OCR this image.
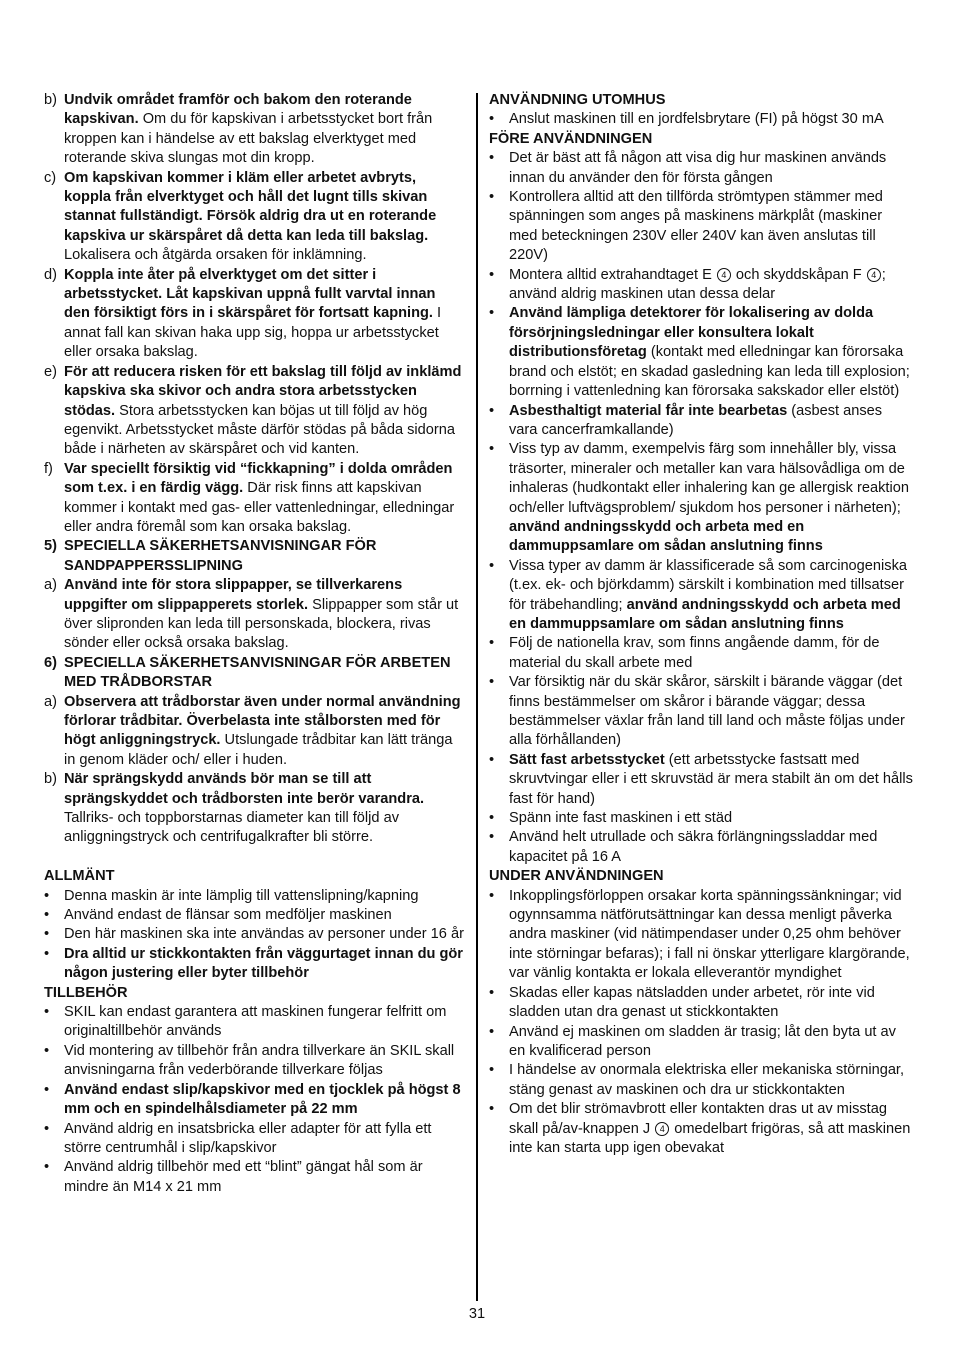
b) Undvik området framför och bakom den roterande kapskivan. Om du för kapskivan i arbetsstycket bort från kroppen kan i händelse av ett bakslag elverktyget med roterande skiva slungas mot din kropp.
c) Om kapskivan kommer i kläm eller arbetet avbryts, koppla från elverktyget och håll det lugnt tills skivan stannat fullständigt. Försök aldrig dra ut en roterande kapskiva ur skärspåret då detta kan leda till bakslag. Lokalisera och åtgärda orsaken för inklämning.
d) Koppla inte åter på elverktyget om det sitter i arbetsstycket. Låt kapskivan uppnå fullt varvtal innan den försiktigt förs in i skärspåret för fortsatt kapning. I annat fall kan skivan haka upp sig, hoppa ur arbetsstycket eller orsaka bakslag.
e) För att reducera risken för ett bakslag till följd av inklämd kapskiva ska skivor och andra stora arbetsstycken stödas. Stora arbetsstycken kan böjas ut till följd av hög egenvikt. Arbetsstycket måste därför stödas på båda sidorna både i närheten av skärspåret och vid kanten.
f) Var speciellt försiktig vid “fickkapning” i dolda områden som t.ex. i en färdig vägg. Där risk finns att kapskivan kommer i kontakt med gas- eller vattenledningar, elledningar eller andra föremål som kan orsaka bakslag.
5) SPECIELLA SÄKERHETSANVISNINGAR FÖR SANDPAPPERSSLIPNING
a) Använd inte för stora slippapper, se tillverkarens uppgifter om slippapperets storlek. Slippapper som står ut över slipronden kan leda till personskada, blockera, rivas sönder eller också orsaka bakslag.
6) SPECIELLA SÄKERHETSANVISNINGAR FÖR ARBETEN MED TRÅDBORSTAR
a) Observera att trådborstar även under normal användning förlorar trådbitar. Överbelasta inte stålborsten med för högt anliggningstryck. Utslungade trådbitar kan lätt tränga in genom kläder och/ eller i huden.
b) När sprängskydd används bör man se till att sprängskyddet och trådborsten inte berör varandra. Tallriks- och toppborstarnas diameter kan till följd av anliggningstryck och centrifugalkrafter bli större.
ALLMÄNT
•	Denna maskin är inte lämplig till vattenslipning/kapning
•	Använd endast de flänsar som medföljer maskinen
•	Den här maskinen ska inte användas av personer under 16 år
•	Dra alltid ur stickkontakten från väggurtaget innan du gör någon justering eller byter tillbehör
TILLBEHÖR
•	SKIL kan endast garantera att maskinen fungerar felfritt om originaltillbehör används
•	Vid montering av tillbehör från andra tillverkare än SKIL skall anvisningarna från vederbörande tillverkare följas
•	Använd endast slip/kapskivor med en tjocklek på högst 8 mm och en spindelhålsdiameter på 22 mm
•	Använd aldrig en insatsbricka eller adapter för att fylla ett större centrumhål i slip/kapskivor
•	Använd aldrig tillbehör med ett “blint” gängat hål som är mindre än M14 x 21 mm
ANVÄNDNING UTOMHUS
•	Anslut maskinen till en jordfelsbrytare (FI) på högst 30 mA
FÖRE ANVÄNDNINGEN
•	Det är bäst att få någon att visa dig hur maskinen används innan du använder den för första gången
•	Kontrollera alltid att den tillförda strömtypen stämmer med spänningen som anges på maskinens märkplåt (maskiner med beteckningen 230V eller 240V kan även anslutas till 220V)
•	Montera alltid extrahandtaget E 4 och skyddskåpan F 4 ; använd aldrig maskinen utan dessa delar
•	Använd lämpliga detektorer för lokalisering av dolda försörjningsledningar eller konsultera lokalt distributionsföretag (kontakt med elledningar kan förorsaka brand och elstöt; en skadad gasledning kan leda till explosion; borrning i vattenledning kan förorsaka sakskador eller elstöt)
•	Asbesthaltigt material får inte bearbetas (asbest anses vara cancerframkallande)
•	Viss typ av damm, exempelvis färg som innehåller bly, vissa träsorter, mineraler och metaller kan vara hälsovådliga om de inhaleras (hudkontakt eller inhalering kan ge allergisk reaktion och/eller luftvägsproblem/ sjukdom hos personer i närheten); använd andningsskydd och arbeta med en dammuppsamlare om sådan anslutning finns
•	Vissa typer av damm är klassificerade så som carcinogeniska (t.ex. ek- och björkdamm) särskilt i kombination med tillsatser för träbehandling; använd andningsskydd och arbeta med en dammuppsamlare om sådan anslutning finns
•	Följ de nationella krav, som finns angående damm, för de material du skall arbete med
•	Var försiktig när du skär skåror, särskilt i bärande väggar (det finns bestämmelser om skåror i bärande väggar; dessa bestämmelser växlar från land till land och måste följas under alla förhållanden)
•	Sätt fast arbetsstycket (ett arbetsstycke fastsatt med skruvtvingar eller i ett skruvstäd är mera stabilt än om det hålls fast för hand)
•	Spänn inte fast maskinen i ett städ
•	Använd helt utrullade och säkra förlängningssladdar med kapacitet på 16 A
UNDER ANVÄNDNINGEN
•	Inkopplingsförloppen orsakar korta spänningssänkningar; vid ogynnsamma nätförutsättningar kan dessa menligt påverka andra maskiner (vid nätimpendaser under 0,25 ohm behöver inte störningar befaras); i fall ni önskar ytterligare klargörande, var vänlig kontakta er lokala elleverantör myndighet
•	Skadas eller kapas nätsladden under arbetet, rör inte vid sladden utan dra genast ut stickkontakten
•	Använd ej maskinen om sladden är trasig; låt den byta ut av en kvalificerad person
•	I händelse av onormala elektriska eller mekaniska störningar, stäng genast av maskinen och dra ur stickkontakten
•	Om det blir strömavbrott eller kontakten dras ut av misstag skall på/av-knappen J 4 omedelbart frigöras, så att maskinen inte kan starta upp igen obevakat
31
